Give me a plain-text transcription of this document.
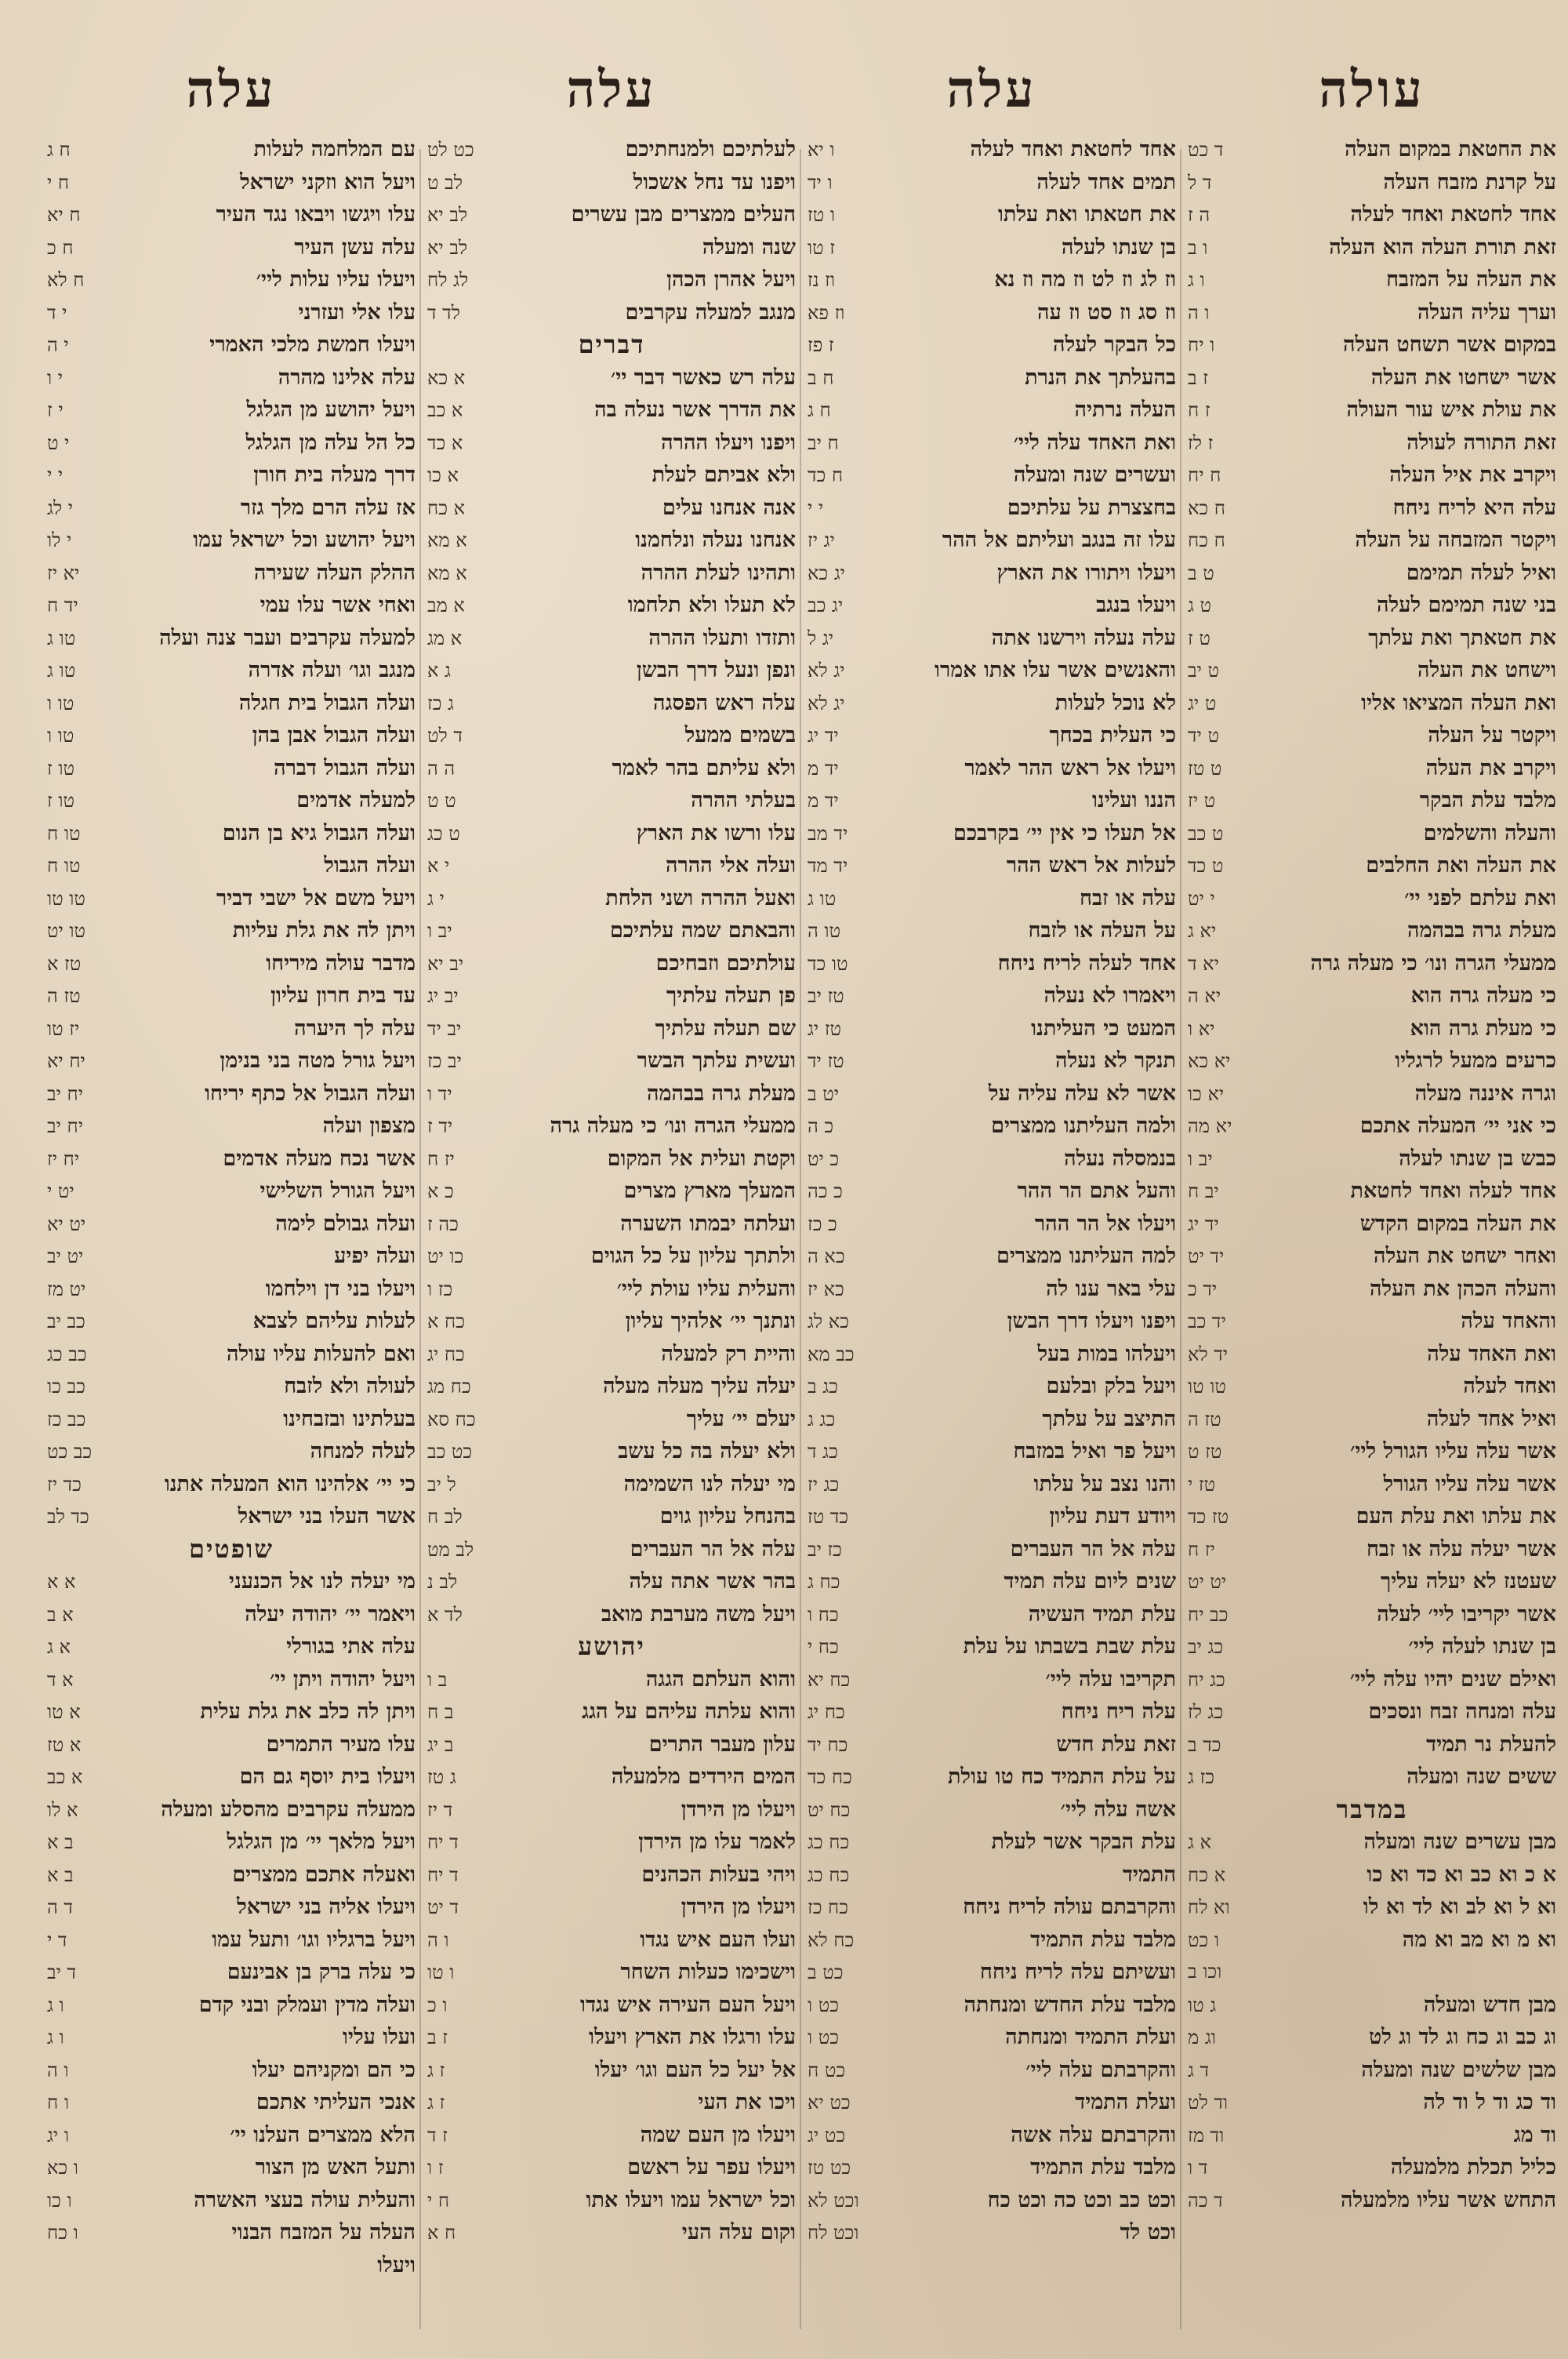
עולה
את החטאת במקום העלה
ד כט
על קרנת מזבח העלה
ד ל
אחד לחטאת ואחד לעלה
ה ז
זאת תורת העלה הוא העלה
ו ב
את העלה על המזבח
ו ג
וערך עליה העלה
ו ה
במקום אשר תשחט העלה
ו יח
אשר ישחטו את העלה
ז ב
את עולת איש עור העולה
ז ח
זאת התורה לעולה
ז לז
ויקרב את איל העלה
ח יח
עלה היא לריח ניחח
ח כא
ויקטר המזבחה על העלה
ח כח
ואיל לעלה תמימם
ט ב
בני שנה תמימם לעלה
ט ג
את חטאתך ואת עלתך
ט ז
וישחט את העלה
ט יב
ואת העלה המציאו אליו
ט יג
ויקטר על העלה
ט יד
ויקרב את העלה
ט טז
מלבד עלת הבקר
ט יז
והעלה והשלמים
ט כב
את העלה ואת החלבים
ט כד
ואת עלתם לפני יי׳
י יט
מעלת גרה בבהמה
יא ג
ממעלי הגרה ונו׳ כי מעלה גרה
יא ד
כי מעלה גרה הוא
יא ה
כי מעלת גרה הוא
יא ו
כרעים ממעל לרגליו
יא כא
וגרה איננה מעלה
יא כו
כי אני יי׳ המעלה אתכם
יא מה
כבש בן שנתו לעלה
יב ו
אחד לעלה ואחד לחטאת
יב ח
את העלה במקום הקדש
יד יג
ואחר ישחט את העלה
יד יט
והעלה הכהן את העלה
יד כ
והאחד עלה
יד כב
ואת האחד עלה
יד לא
ואחד לעלה
טו טו
ואיל אחד לעלה
טז ה
אשר עלה עליו הגורל ליי׳
טז ט
אשר עלה עליו הגורל
טז י
את עלתו ואת עלת העם
טז כד
אשר יעלה עלה או זבח
יז ח
שעטנז לא יעלה עליך
יט יט
אשר יקריבו ליי׳ לעלה
כב יח
בן שנתו לעלה ליי׳
כג יב
ואילם שנים יהיו עלה ליי׳
כג יח
עלה ומנחה זבח ונסכים
כג לז
להעלת נר תמיד
כד ב
ששים שנה ומעלה
כז ג
במדבר
מבן עשרים שנה ומעלה
א ג
א כ וא כב וא כד וא כו
א כח
וא ל וא לב וא לד וא לו
וא לח
וא מ וא מב וא מה
ו כט
וכו ב
מבן חדש ומעלה
ג טו
וג כב וג כח וג לד וג לט
וג מ
מבן שלשים שנה ומעלה
ד ג
וד כג וד ל וד לה
וד לט
וד מג
וד מז
כליל תכלת מלמעלה
ד ו
התחש אשר עליו מלמעלה
ד כה
עלה
אחד לחטאת ואחד לעלה
ו יא
תמים אחד לעלה
ו יד
את חטאתו ואת עלתו
ו טז
בן שנתו לעלה
ז טו
וז לג וז לט וז מה וז נא
וז נז
וז סג וז סט וז עה
וז פא
כל הבקר לעלה
ז פז
בהעלתך את הנרת
ח ב
העלה נרתיה
ח ג
ואת האחד עלה ליי׳
ח יב
ועשרים שנה ומעלה
ח כד
בחצצרת על עלתיכם
י י
עלו זה בנגב ועליתם אל ההר
יג יז
ויעלו ויתורו את הארץ
יג כא
ויעלו בנגב
יג כב
עלה נעלה וירשנו אתה
יג ל
והאנשים אשר עלו אתו אמרו
יג לא
לא נוכל לעלות
יג לא
כי העלית בכחך
יד יג
ויעלו אל ראש ההר לאמר
יד מ
הננו ועלינו
יד מ
אל תעלו כי אין יי׳ בקרבכם
יד מב
לעלות אל ראש ההר
יד מד
עלה או זבח
טו ג
על העלה או לזבח
טו ה
אחד לעלה לריח ניחח
טו כד
ויאמרו לא נעלה
טז יב
המעט כי העליתנו
טז יג
תנקר לא נעלה
טז יד
אשר לא עלה עליה על
יט ב
ולמה העליתנו ממצרים
כ ה
בנמסלה נעלה
כ יט
והעל אתם הר ההר
כ כה
ויעלו אל הר ההר
כ כז
למה העליתנו ממצרים
כא ה
עלי באר ענו לה
כא יז
ויפנו ויעלו דרך הבשן
כא לג
ויעלהו במות בעל
כב מא
ויעל בלק ובלעם
כג ב
התיצב על עלתך
כג ג
ויעל פר ואיל במזבח
כג ד
והנו נצב על עלתו
כג יז
ויודע דעת עליון
כד טז
עלה אל הר העברים
כז יב
שנים ליום עלה תמיד
כח ג
עלת תמיד העשיה
כח ו
עלת שבת בשבתו על עלת
כח י
תקריבו עלה ליי׳
כח יא
עלה ריח ניחח
כח יג
זאת עלת חדש
כח יד
על עלת התמיד כח טו עולת
כח כד
אשה עלה ליי׳
כח יט
עלת הבקר אשר לעלת
כח כג
התמיד
כח כג
והקרבתם עולה לריח ניחח
כח כז
מלבד עלת התמיד
כח לא
ועשיתם עלה לריח ניחח
כט ב
מלבד עלת החדש ומנחתה
כט ו
ועלת התמיד ומנחתה
כט ו
והקרבתם עלה ליי׳
כט ח
ועלת התמיד
כט יא
והקרבתם עלה אשה
כט יג
מלבד עלת התמיד
כט טז
וכט כב וכט כה וכט כח
וכט לא
וכט לד
וכט לח
עלה
לעלתיכם ולמנחתיכם
כט לט
ויפנו עד נחל אשכול
לב ט
העלים ממצרים מבן עשרים
לב יא
שנה ומעלה
לב יא
ויעל אהרן הכהן
לג לח
מנגב למעלה עקרבים
לד ד
דברים
עלה רש כאשר דבר יי׳
א כא
את הדרך אשר נעלה בה
א כב
ויפנו ויעלו ההרה
א כד
ולא אביתם לעלת
א כו
אנה אנחנו עלים
א כח
אנחנו נעלה ונלחמנו
א מא
ותהינו לעלת ההרה
א מא
לא תעלו ולא תלחמו
א מב
ותזדו ותעלו ההרה
א מג
ונפן ונעל דרך הבשן
ג א
עלה ראש הפסגה
ג כז
בשמים ממעל
ד לט
ולא עליתם בהר לאמר
ה ה
בעלתי ההרה
ט ט
עלו ורשו את הארץ
ט כג
ועלה אלי ההרה
י א
ואעל ההרה ושני הלחת
י ג
והבאתם שמה עלתיכם
יב ו
עולתיכם וזבחיכם
יב יא
פן תעלה עלתיך
יב יג
שם תעלה עלתיך
יב יד
ועשית עלתך הבשר
יב כז
מעלת גרה בבהמה
יד ו
ממעלי הגרה ונו׳ כי מעלה גרה
יד ז
וקטת ועלית אל המקום
יז ח
המעלך מארץ מצרים
כ א
ועלתה יבמתו השערה
כה ז
ולתתך עליון על כל הגוים
כו יט
והעלית עליו עולת ליי׳
כז ו
ונתנך יי׳ אלהיך עליון
כח א
והיית רק למעלה
כח יג
יעלה עליך מעלה מעלה
כח מג
יעלם יי׳ עליך
כח סא
ולא יעלה בה כל עשב
כט כב
מי יעלה לנו השמימה
ל יב
בהנחל עליון גוים
לב ח
עלה אל הר העברים
לב מט
בהר אשר אתה עלה
לב נ
ויעל משה מערבת מואב
לד א
יהושע
והוא העלתם הגגה
ב ו
והוא עלתה עליהם על הגג
ב ח
עלון מעבר התרים
ב יג
המים הירדים מלמעלה
ג טז
ויעלו מן הירדן
ד יז
לאמר עלו מן הירדן
ד יח
ויהי בעלות הכהנים
ד יח
ויעלו מן הירדן
ד יט
ועלו העם איש נגדו
ו ה
וישכימו כעלות השחר
ו טו
ויעל העם העירה איש נגדו
ו כ
עלו ורגלו את הארץ ויעלו
ז ב
אל יעל כל העם וגו׳ יעלו
ז ג
ויכו את העי
ז ג
ויעלו מן העם שמה
ז ד
ויעלו עפר על ראשם
ז ו
וכל ישראל עמו ויעלו אתו
ח י
וקום עלה העי
ח א
עלה
עם המלחמה לעלות
ח ג
ויעל הוא וזקני ישראל
ח י
עלו ויגשו ויבאו נגד העיר
ח יא
עלה עשן העיר
ח כ
ויעלו עליו עלות ליי׳
ח לא
עלו אלי ועזרני
י ד
ויעלו חמשת מלכי האמרי
י ה
עלה אלינו מהרה
י ו
ויעל יהושע מן הגלגל
י ז
כל הל עלה מן הגלגל
י ט
דרך מעלה בית חורן
י י
אז עלה הרם מלך גזר
י לג
ויעל יהושע וכל ישראל עמו
י לו
ההלק העלה שעירה
יא יז
ואחי אשר עלו עמי
יד ח
למעלה עקרבים ועבר צנה ועלה
טו ג
מנגב וגו׳ ועלה אדרה
טו ג
ועלה הגבול בית חגלה
טו ו
ועלה הגבול אבן בהן
טו ו
ועלה הגבול דברה
טו ז
למעלה אדמים
טו ז
ועלה הגבול גיא בן הנום
טו ח
ועלה הגבול
טו ח
ויעל משם אל ישבי דביר
טו טו
ויתן לה את גלת עליות
טו יט
מדבר עולה מיריחו
טז א
עד בית חרון עליון
טז ה
עלה לך היערה
יז טו
ויעל גורל מטה בני בנימן
יח יא
ועלה הגבול אל כתף יריחו
יח יב
מצפון ועלה
יח יב
אשר נכח מעלה אדמים
יח יז
ויעל הגורל השלישי
יט י
ועלה גבולם לימה
יט יא
ועלה יפיע
יט יב
ויעלו בני דן וילחמו
יט מז
לעלות עליהם לצבא
כב יב
ואם להעלות עליו עולה
כב כג
לעולה ולא לזבח
כב כו
בעלתינו ובזבחינו
כב כז
לעלה למנחה
כב כט
כי יי׳ אלהינו הוא המעלה אתנו
כד יז
אשר העלו בני ישראל
כד לב
שופטים
מי יעלה לנו אל הכנעני
א א
ויאמר יי׳ יהודה יעלה
א ב
עלה אתי בגורלי
א ג
ויעל יהודה ויתן יי׳
א ד
ויתן לה כלב את גלת עלית
א טו
עלו מעיר התמרים
א טז
ויעלו בית יוסף גם הם
א כב
ממעלה עקרבים מהסלע ומעלה
א לו
ויעל מלאך יי׳ מן הגלגל
ב א
ואעלה אתכם ממצרים
ב א
ויעלו אליה בני ישראל
ד ה
ויעל ברגליו וגו׳ ותעל עמו
ד י
כי עלה ברק בן אבינעם
ד יב
ועלה מדין ועמלק ובני קדם
ו ג
ועלו עליו
ו ג
כי הם ומקניהם יעלו
ו ה
אנכי העליתי אתכם
ו ח
הלא ממצרים העלנו יי׳
ו יג
ותעל האש מן הצור
ו כא
והעלית עולה בעצי האשרה
ו כו
העלה על המזבח הבנוי
ו כח
ויעלו
